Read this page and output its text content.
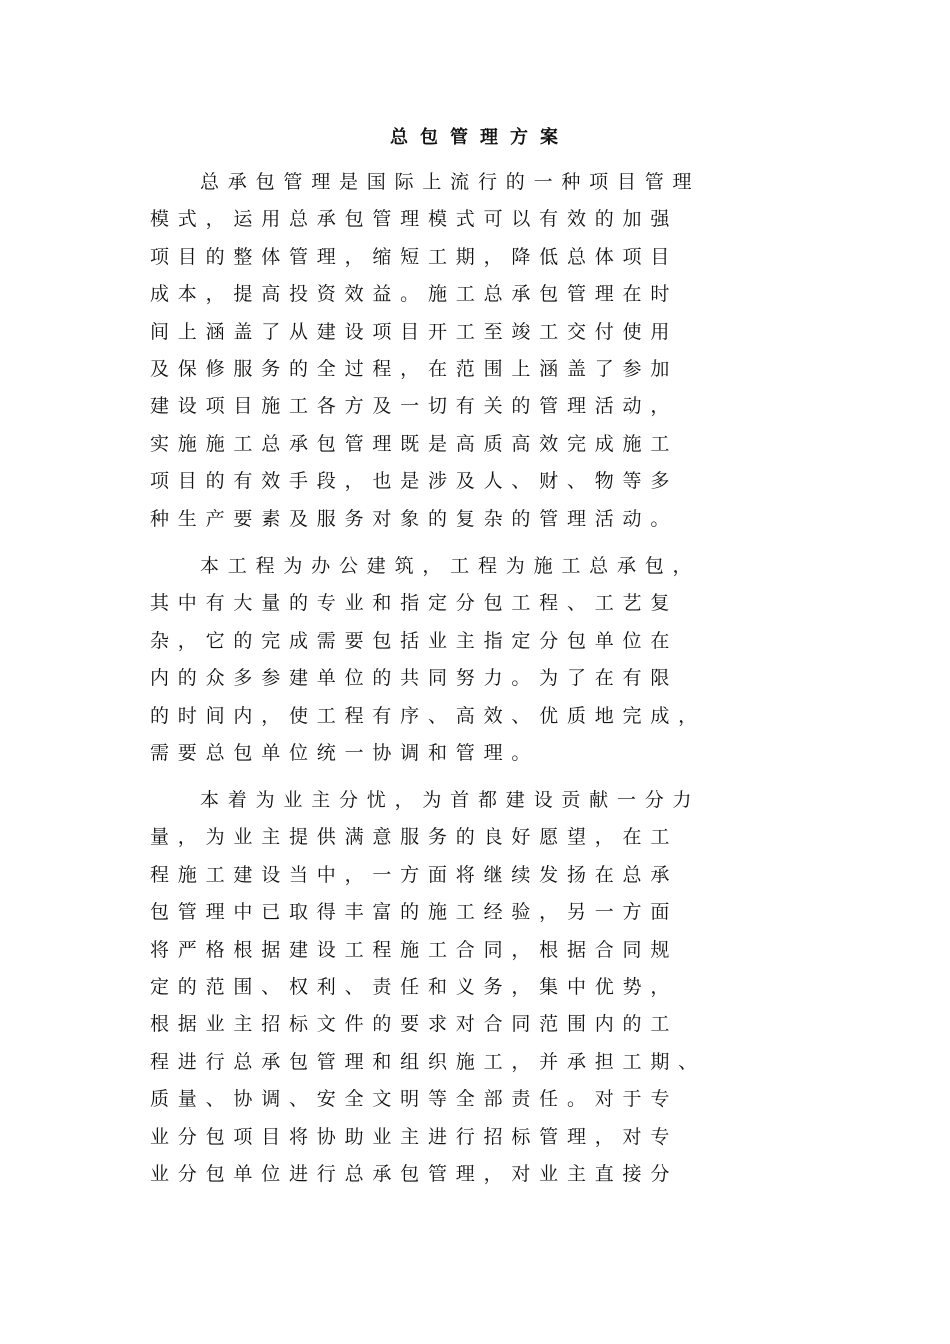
总包管理方案
总 承 包 管 理 是 国 际 上 流 行 的 一 种 项 目 管 理
模 式 ， 运 用 总 承 包 管 理 模 式 可 以 有 效 的 加 强
项 目 的 整 体 管 理 ， 缩 短 工 期 ， 降 低 总 体 项 目
成 本 ， 提 高 投 资 效 益 。 施 工 总 承 包 管 理 在 时
间 上 涵 盖 了 从 建 设 项 目 开 工 至 竣 工 交 付 使 用
及 保 修 服 务 的 全 过 程 ， 在 范 围 上 涵 盖 了 参 加
建 设 项 目 施 工 各 方 及 一 切 有 关 的 管 理 活 动 ，
实 施 施 工 总 承 包 管 理 既 是 高 质 高 效 完 成 施 工
项 目 的 有 效 手 段 ， 也 是 涉 及 人 、 财 、 物 等 多
种 生 产 要 素 及 服 务 对 象 的 复 杂 的 管 理 活 动 。
本 工 程 为 办 公 建 筑 ， 工 程 为 施 工 总 承 包 ，
其 中 有 大 量 的 专 业 和 指 定 分 包 工 程 、 工 艺 复
杂 ， 它 的 完 成 需 要 包 括 业 主 指 定 分 包 单 位 在
内 的 众 多 参 建 单 位 的 共 同 努 力 。 为 了 在 有 限
的 时 间 内 ， 使 工 程 有 序 、 高 效 、 优 质 地 完 成 ，
需 要 总 包 单 位 统 一 协 调 和 管 理 。
本 着 为 业 主 分 忧 ， 为 首 都 建 设 贡 献 一 分 力
量 ， 为 业 主 提 供 满 意 服 务 的 良 好 愿 望 ， 在 工
程 施 工 建 设 当 中 ， 一 方 面 将 继 续 发 扬 在 总 承
包 管 理 中 已 取 得 丰 富 的 施 工 经 验 ， 另 一 方 面
将 严 格 根 据 建 设 工 程 施 工 合 同 ， 根 据 合 同 规
定 的 范 围 、 权 利 、 责 任 和 义 务 ， 集 中 优 势 ，
根 据 业 主 招 标 文 件 的 要 求 对 合 同 范 围 内 的 工
程 进 行 总 承 包 管 理 和 组 织 施 工 ， 并 承 担 工 期 、
质 量 、 协 调 、 安 全 文 明 等 全 部 责 任 。 对 于 专
业 分 包 项 目 将 协 助 业 主 进 行 招 标 管 理 ， 对 专
业 分 包 单 位 进 行 总 承 包 管 理 ， 对 业 主 直 接 分
